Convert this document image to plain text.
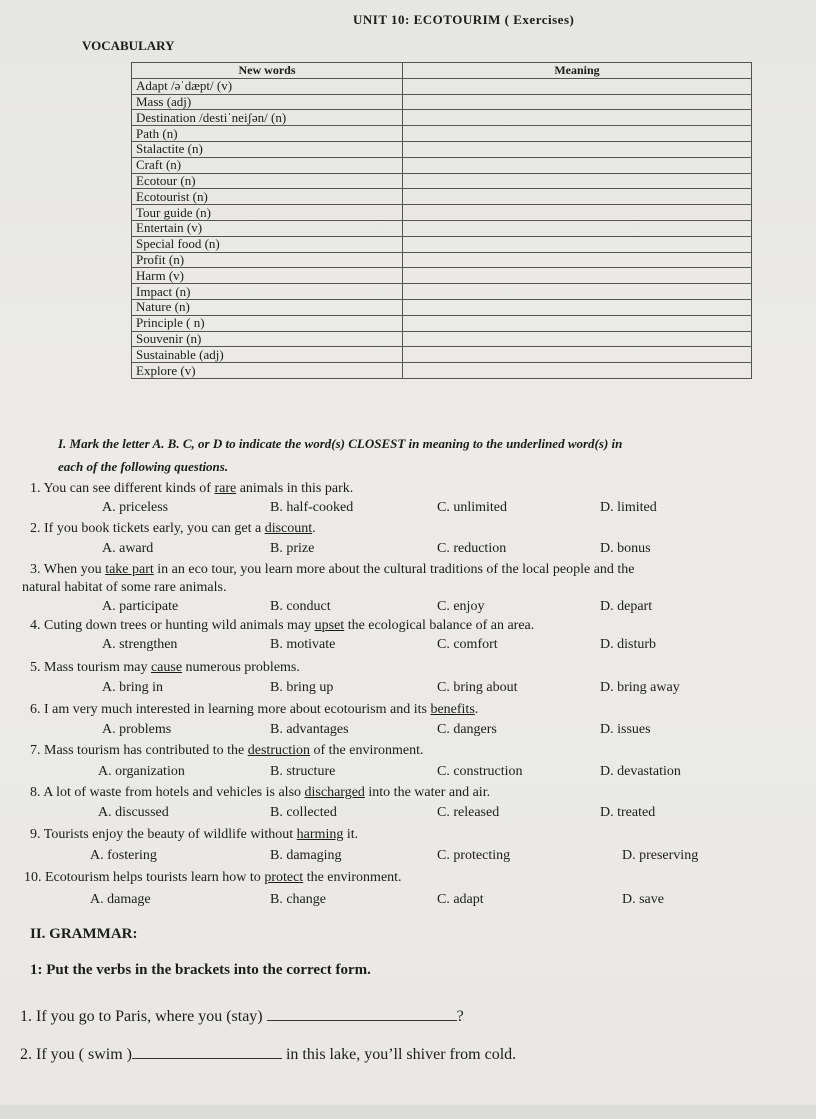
UNIT 10: ECOTOURIM ( Exercises)
VOCABULARY
New words	Meaning
Adapt /əˈdæpt/ (v)	
Mass (adj)	
Destination /destiˈneiʃən/ (n)	
Path (n)	
Stalactite (n)	
Craft (n)	
Ecotour (n)	
Ecotourist (n)	
Tour guide (n)	
Entertain (v)	
Special food (n)	
Profit (n)	
Harm (v)	
Impact (n)	
Nature (n)	
Principle ( n)	
Souvenir (n)	
Sustainable (adj)	
Explore (v)	
I. Mark the letter A. B. C, or D to indicate the word(s) CLOSEST in meaning to the underlined word(s) in
each of the following questions.
1. You can see different kinds of rare animals in this park.
A. priceless	B. half-cooked	C. unlimited	D. limited
2. If you book tickets early, you can get a discount.
A. award	B. prize	C. reduction	D. bonus
3. When you take part in an eco tour, you learn more about the cultural traditions of the local people and the
natural habitat of some rare animals.
A. participate	B. conduct	C. enjoy	D. depart
4. Cuting down trees or hunting wild animals may upset the ecological balance of an area.
A. strengthen	B. motivate	C. comfort	D. disturb
5. Mass tourism may cause numerous problems.
A. bring in	B. bring up	C. bring about	D. bring away
6. I am very much interested in learning more about ecotourism and its benefits.
A. problems	B. advantages	C. dangers	D. issues
7. Mass tourism has contributed to the destruction of the environment.
A. organization	B. structure	C. construction	D. devastation
8. A lot of waste from hotels and vehicles is also discharged into the water and air.
A. discussed	B. collected	C. released	D. treated
9. Tourists enjoy the beauty of wildlife without harming it.
A. fostering	B. damaging	C. protecting	D. preserving
10. Ecotourism helps tourists learn how to protect the environment.
A. damage	B. change	C. adapt	D. save
II. GRAMMAR:
1: Put the verbs in the brackets into the correct form.
1. If you go to Paris, where you (stay)	?
2. If you ( swim )	in this lake, you’ll shiver from cold.
